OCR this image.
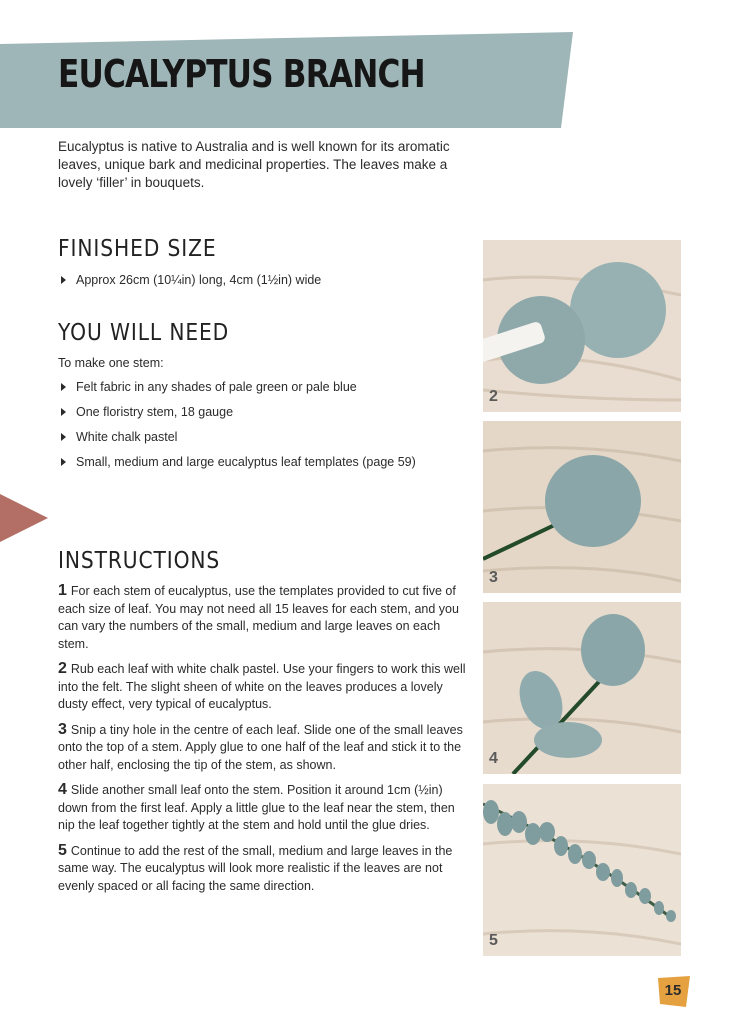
EUCALYPTUS BRANCH

Eucalyptus is native to Australia and is well known for its aromatic leaves, unique bark and medicinal properties. The leaves make a lovely ‘filler’ in bouquets.

FINISHED SIZE
Approx 26cm (10¼in) long, 4cm (1½in) wide
YOU WILL NEED

To make one stem:

Felt fabric in any shades of pale green or pale blue
One floristry stem, 18 gauge
White chalk pastel
Small, medium and large eucalyptus leaf templates (page 59)
INSTRUCTIONS

1 For each stem of eucalyptus, use the templates provided to cut five of each size of leaf. You may not need all 15 leaves for each stem, and you can vary the numbers of the small, medium and large leaves on each stem.

2 Rub each leaf with white chalk pastel. Use your fingers to work this well into the felt. The slight sheen of white on the leaves produces a lovely dusty effect, very typical of eucalyptus.

3 Snip a tiny hole in the centre of each leaf. Slide one of the small leaves onto the top of a stem. Apply glue to one half of the leaf and stick it to the other half, enclosing the tip of the stem, as shown.

4 Slide another small leaf onto the stem. Position it around 1cm (½in) down from the first leaf. Apply a little glue to the leaf near the stem, then nip the leaf together tightly at the stem and hold until the glue dries.

5 Continue to add the rest of the small, medium and large leaves in the same way. The eucalyptus will look more realistic if the leaves are not evenly spaced or all facing the same direction.

2
3
4
5
15
